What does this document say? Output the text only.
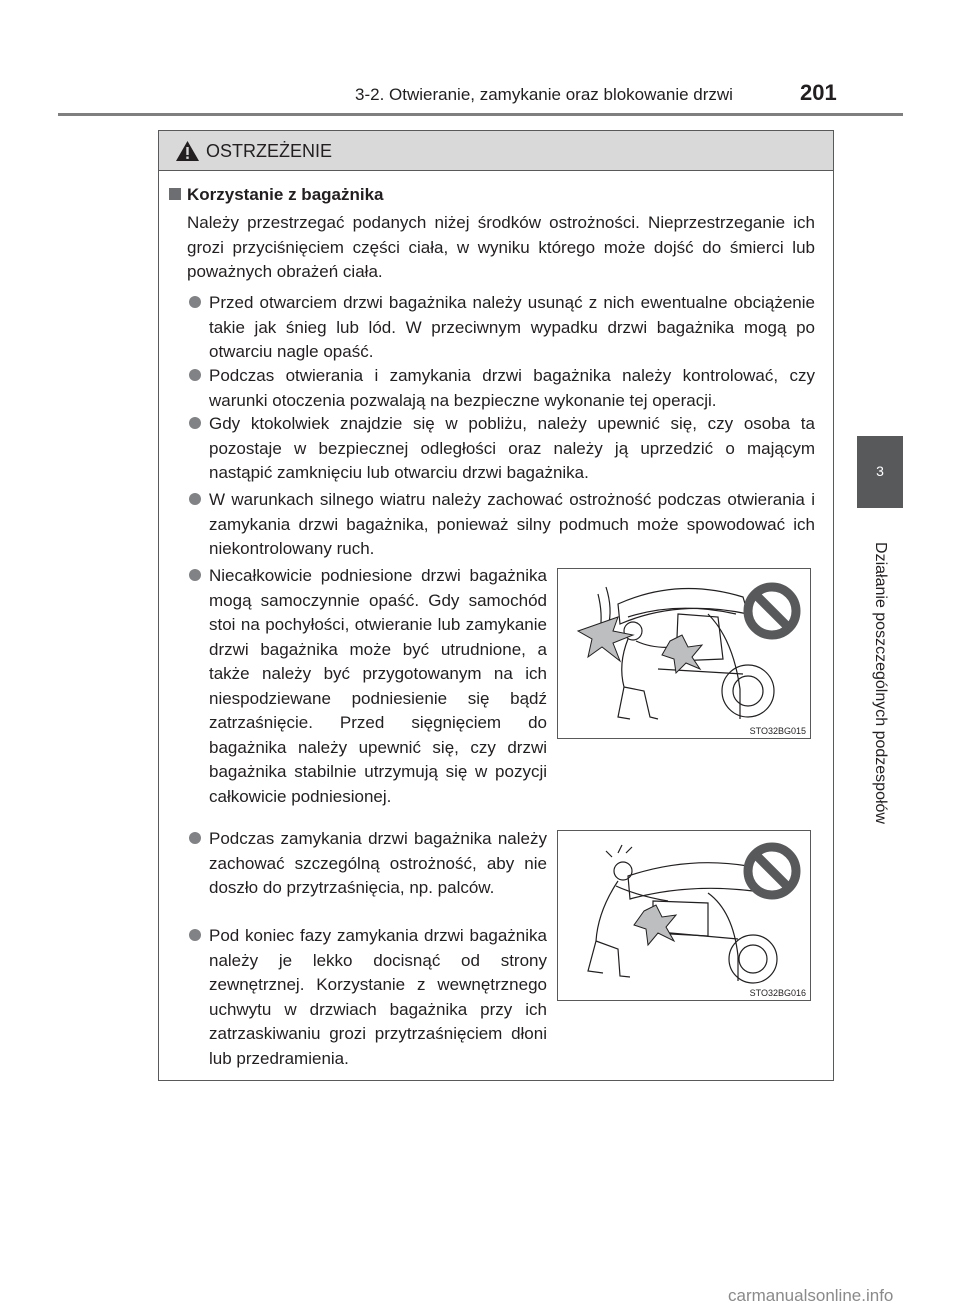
3-2. Otwieranie, zamykanie oraz blokowanie drzwi	201
3
Działanie poszczególnych podzespołów
OSTRZEŻENIE
Korzystanie z bagażnika
Należy przestrzegać podanych niżej środków ostrożności. Nieprzestrzeganie ich grozi przyciśnięciem części ciała, w wyniku którego może dojść do śmierci lub poważnych obrażeń ciała.
Przed otwarciem drzwi bagażnika należy usunąć z nich ewentualne obciążenie takie jak śnieg lub lód. W przeciwnym wypadku drzwi bagażnika mogą po otwarciu nagle opaść.
Podczas otwierania i zamykania drzwi bagażnika należy kontrolować, czy warunki otoczenia pozwalają na bezpieczne wykonanie tej operacji.
Gdy ktokolwiek znajdzie się w pobliżu, należy upewnić się, czy osoba ta pozostaje w bezpiecznej odległości oraz należy ją uprzedzić o mającym nastąpić zamknięciu lub otwarciu drzwi bagażnika.
W warunkach silnego wiatru należy zachować ostrożność podczas otwierania i zamykania drzwi bagażnika, ponieważ silny podmuch może spowodować ich niekontrolowany ruch.
Niecałkowicie podniesione drzwi bagażnika mogą samoczynnie opaść. Gdy samochód stoi na pochyłości, otwieranie lub zamykanie drzwi bagażnika może być utrudnione, a także należy być przygotowanym na ich niespodziewane podniesienie się bądź zatrzaśnięcie. Przed sięgnięciem do bagażnika należy upewnić się, czy drzwi bagażnika stabilnie utrzymują się w pozycji całkowicie podniesionej.
Podczas zamykania drzwi bagażnika należy zachować szczególną ostrożność, aby nie doszło do przytrzaśnięcia, np. palców.
Pod koniec fazy zamykania drzwi bagażnika należy je lekko docisnąć od strony zewnętrznej. Korzystanie z wewnętrznego uchwytu w drzwiach bagażnika przy ich zatrzaskiwaniu grozi przytrzaśnięciem dłoni lub przedramienia.
STO32BG015
STO32BG016
carmanualsonline.info
